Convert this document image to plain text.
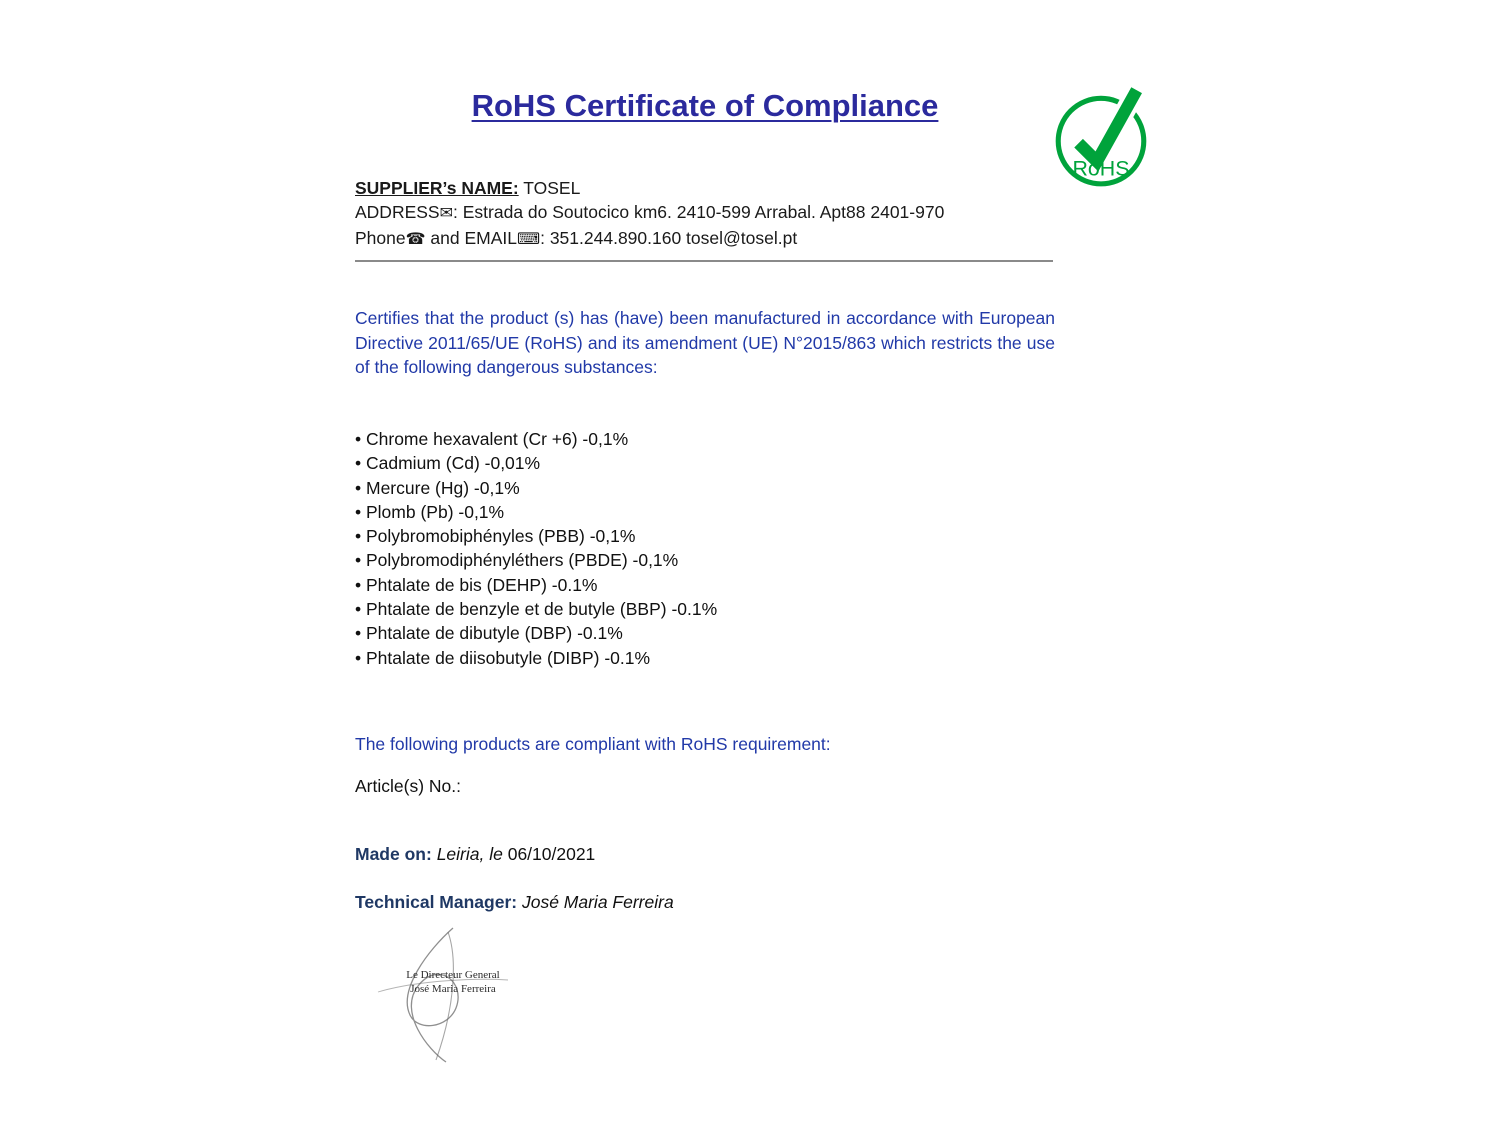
RoHS Certificate of Compliance
RoHS
SUPPLIER’s NAME: TOSEL
ADDRESS✉: Estrada do Soutocico km6. 2410-599 Arrabal. Apt88 2401-970
Phone☎ and EMAIL⌨: 351.244.890.160 tosel@tosel.pt

Certifies that the product (s) has (have) been manufactured in accordance with European Directive 2011/65/UE (RoHS) and its amendment (UE) N°2015/863 which restricts the use of the following dangerous substances:

• Chrome hexavalent (Cr +6) -0,1%
• Cadmium (Cd) -0,01%
• Mercure (Hg) -0,1%
• Plomb (Pb) -0,1%
• Polybromobiphényles (PBB) -0,1%
• Polybromodiphényléthers (PBDE) -0,1%
• Phtalate de bis (DEHP) -0.1%
• Phtalate de benzyle et de butyle (BBP) -0.1%
• Phtalate de dibutyle (DBP) -0.1%
• Phtalate de diisobutyle (DIBP) -0.1%
The following products are compliant with RoHS requirement:
Article(s) No.:
Made on: Leiria, le 06/10/2021
Technical Manager: José Maria Ferreira
Le Directeur General
José Maria Ferreira
